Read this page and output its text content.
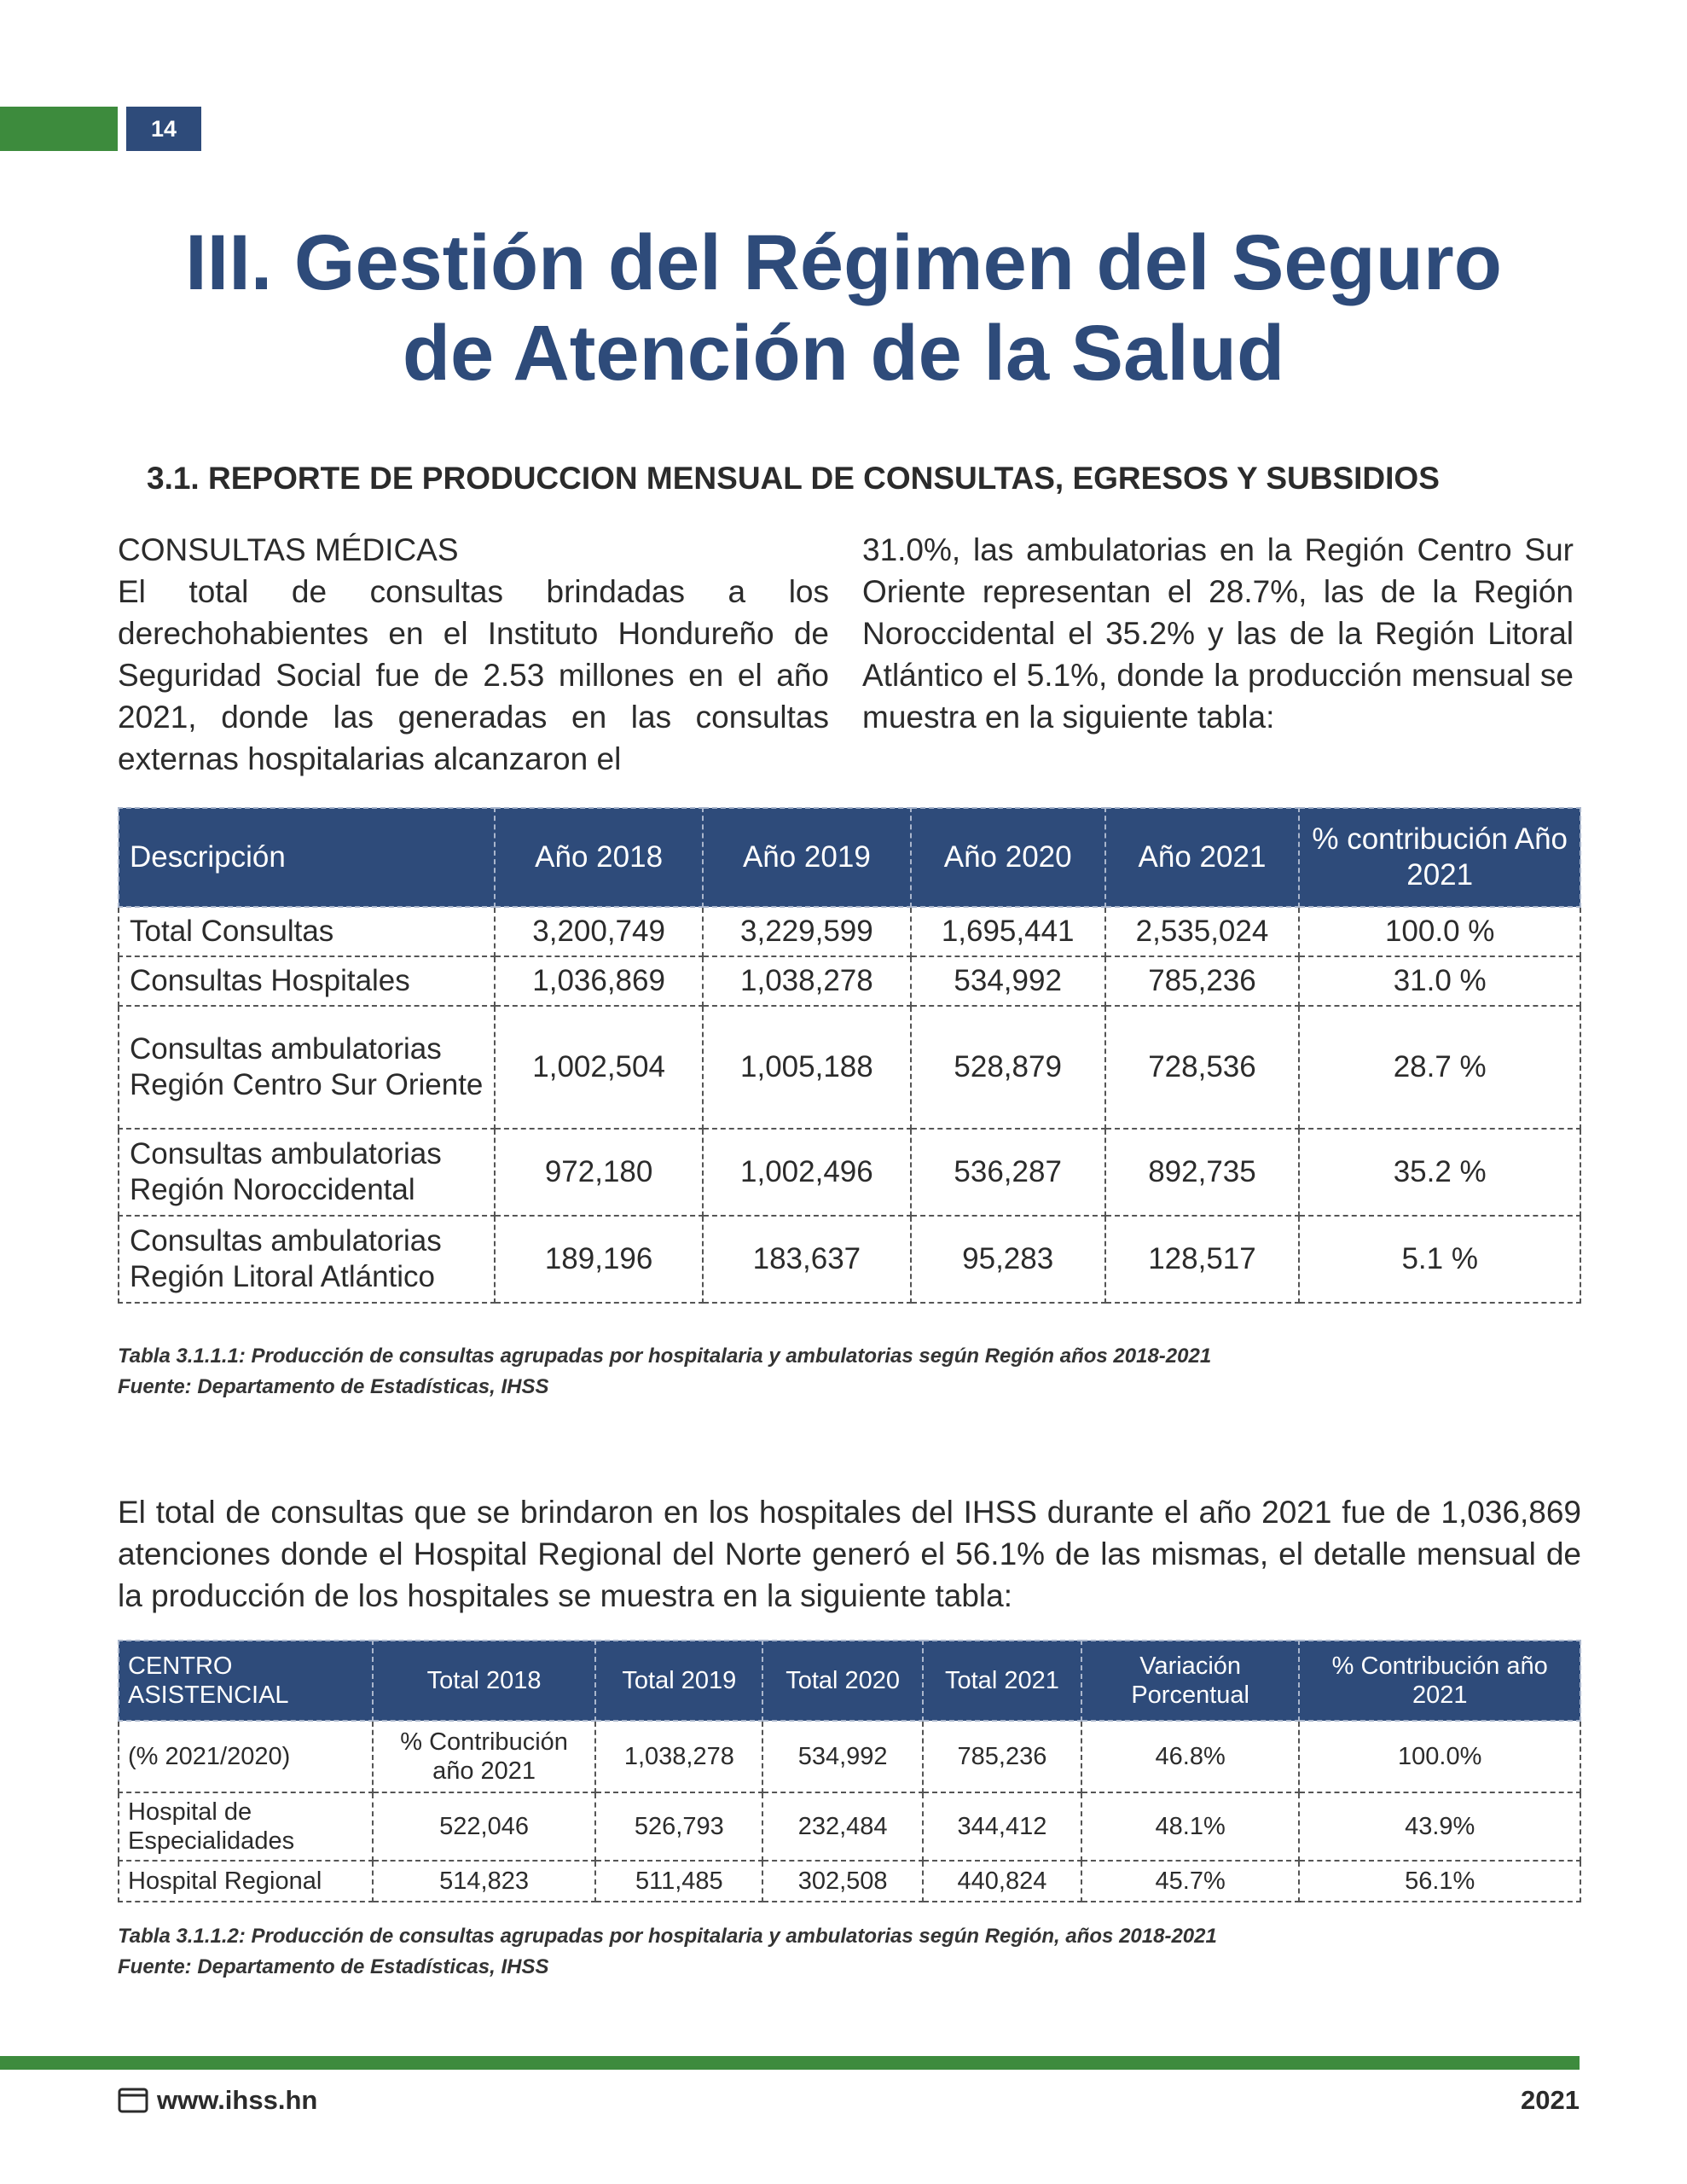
14
III. Gestión del Régimen del Seguro
de Atención de la Salud
3.1. REPORTE DE PRODUCCION MENSUAL DE CONSULTAS, EGRESOS Y SUBSIDIOS

CONSULTAS MÉDICAS

El total de consultas brindadas a los derechohabientes en el Instituto Hondureño de Seguridad Social fue de 2.53 millones en el año 2021, donde las generadas en las consultas externas hospitalarias alcanzaron el

31.0%, las ambulatorias en la Región Centro Sur Oriente representan el 28.7%, las de la Región Noroccidental el 35.2% y las de la Región Litoral Atlántico el 5.1%, donde la producción mensual se muestra en la siguiente tabla:

Descripción	Año 2018	Año 2019	Año 2020	Año 2021	% contribución Año 2021
Total Consultas	3,200,749	3,229,599	1,695,441	2,535,024	100.0 %
Consultas Hospitales	1,036,869	1,038,278	534,992	785,236	31.0 %
Consultas ambulatorias Región Centro Sur Oriente	1,002,504	1,005,188	528,879	728,536	28.7 %
Consultas ambulatorias Región Noroccidental	972,180	1,002,496	536,287	892,735	35.2 %
Consultas ambulatorias Región Litoral Atlántico	189,196	183,637	95,283	128,517	5.1 %
Tabla 3.1.1.1: Producción de consultas agrupadas por hospitalaria y ambulatorias según Región años 2018-2021
Fuente: Departamento de Estadísticas, IHSS

El total de consultas que se brindaron en los hospitales del IHSS durante el año 2021 fue de 1,036,869 atenciones donde el Hospital Regional del Norte generó el 56.1% de las mismas, el detalle mensual de la producción de los hospitales se muestra en la siguiente tabla:

CENTRO ASISTENCIAL	Total 2018	Total 2019	Total 2020	Total 2021	Variación Porcentual	% Contribución año 2021
(% 2021/2020)	% Contribución año 2021	1,038,278	534,992	785,236	46.8%	100.0%
Hospital de Especialidades	522,046	526,793	232,484	344,412	48.1%	43.9%
Hospital Regional	514,823	511,485	302,508	440,824	45.7%	56.1%
Tabla 3.1.1.2: Producción de consultas agrupadas por hospitalaria y ambulatorias según Región, años 2018-2021
Fuente: Departamento de Estadísticas, IHSS
www.ihss.hn	2021
